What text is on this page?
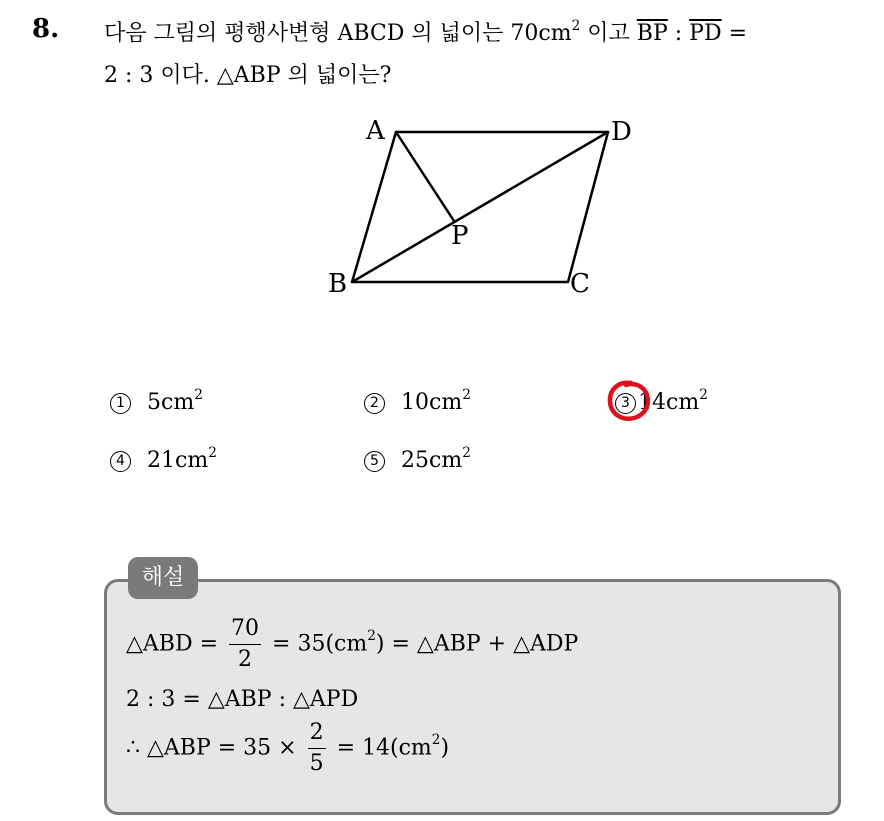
8. 다음 그림의 평행사변형 ABCD 의 넓이는 $70cm^2$ 이고 $\overline{BP}$ : $\overline{PD}$ =
2 : 3 이다. △ABP 의 넓이는?
A	D
P
B	C
1 $5cm^2$
2 $10cm^2$
3 $14cm^2$
4 $21cm^2$
5 $25cm^2$
해설
△ABD = $\frac{70}{2} = 35(cm^2)$ = △ABP + △ADP
2 : 3 = △ABP : △APD
∴ △ABP = $35 \times \frac{2}{5} = 14(cm^2)$
